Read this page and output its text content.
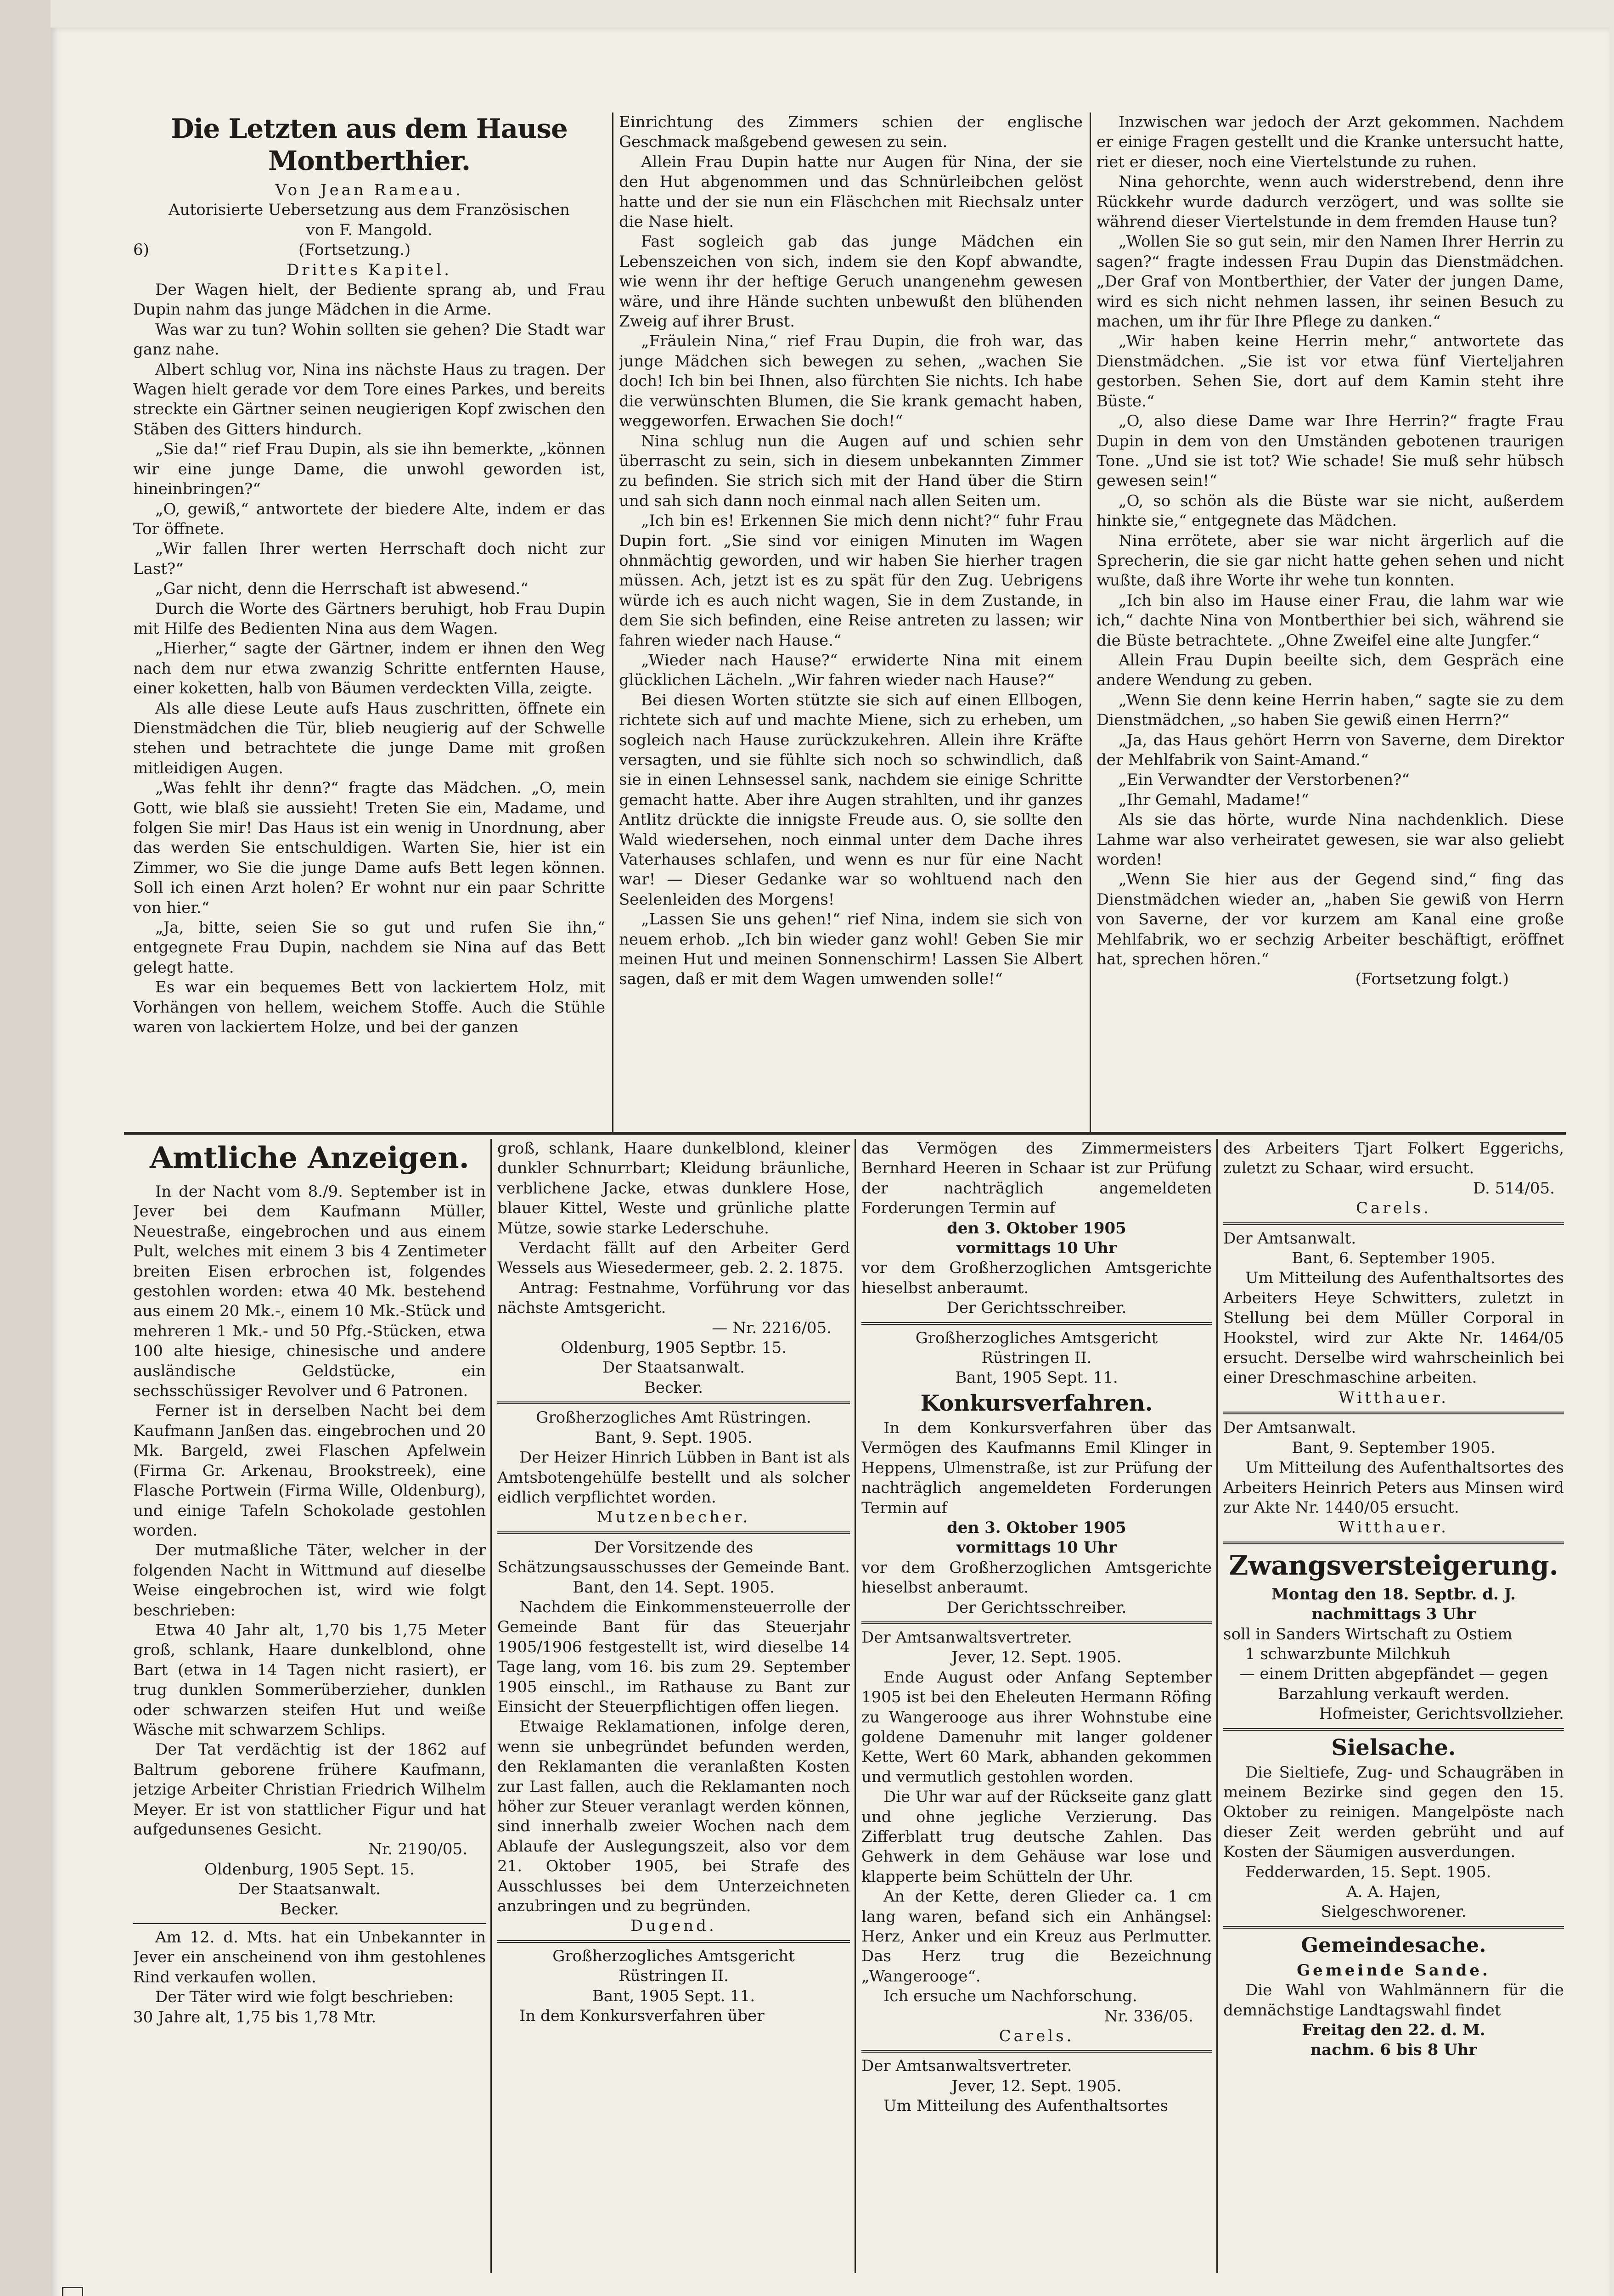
Die Letzten aus dem Hause Montberthier.

Von Jean Rameau.

Autorisierte Uebersetzung aus dem Französischen

von F. Mangold.

6)	(Fortsetzung.)

Drittes Kapitel.

Der Wagen hielt, der Bediente sprang ab, und Frau Dupin nahm das junge Mädchen in die Arme.

Was war zu tun? Wohin sollten sie gehen? Die Stadt war ganz nahe.

Albert schlug vor, Nina ins nächste Haus zu tragen. Der Wagen hielt gerade vor dem Tore eines Parkes, und bereits streckte ein Gärtner seinen neugierigen Kopf zwischen den Stäben des Gitters hindurch.

„Sie da!“ rief Frau Dupin, als sie ihn bemerkte, „können wir eine junge Dame, die unwohl geworden ist, hineinbringen?“

„O, gewiß,“ antwortete der biedere Alte, indem er das Tor öffnete.

„Wir fallen Ihrer werten Herrschaft doch nicht zur Last?“

„Gar nicht, denn die Herrschaft ist abwesend.“

Durch die Worte des Gärtners beruhigt, hob Frau Dupin mit Hilfe des Bedienten Nina aus dem Wagen.

„Hierher,“ sagte der Gärtner, indem er ihnen den Weg nach dem nur etwa zwanzig Schritte entfernten Hause, einer koketten, halb von Bäumen verdeckten Villa, zeigte.

Als alle diese Leute aufs Haus zuschritten, öffnete ein Dienstmädchen die Tür, blieb neugierig auf der Schwelle stehen und betrachtete die junge Dame mit großen mitleidigen Augen.

„Was fehlt ihr denn?“ fragte das Mädchen. „O, mein Gott, wie blaß sie aussieht! Treten Sie ein, Madame, und folgen Sie mir! Das Haus ist ein wenig in Unordnung, aber das werden Sie entschuldigen. Warten Sie, hier ist ein Zimmer, wo Sie die junge Dame aufs Bett legen können. Soll ich einen Arzt holen? Er wohnt nur ein paar Schritte von hier.“

„Ja, bitte, seien Sie so gut und rufen Sie ihn,“ entgegnete Frau Dupin, nachdem sie Nina auf das Bett gelegt hatte.

Es war ein bequemes Bett von lackiertem Holz, mit Vorhängen von hellem, weichem Stoffe. Auch die Stühle waren von lackiertem Holze, und bei der ganzen

Einrichtung des Zimmers schien der englische Geschmack maßgebend gewesen zu sein.

Allein Frau Dupin hatte nur Augen für Nina, der sie den Hut abgenommen und das Schnürleibchen gelöst hatte und der sie nun ein Fläschchen mit Riechsalz unter die Nase hielt.

Fast sogleich gab das junge Mädchen ein Lebenszeichen von sich, indem sie den Kopf abwandte, wie wenn ihr der heftige Geruch unangenehm gewesen wäre, und ihre Hände suchten unbewußt den blühenden Zweig auf ihrer Brust.

„Fräulein Nina,“ rief Frau Dupin, die froh war, das junge Mädchen sich bewegen zu sehen, „wachen Sie doch! Ich bin bei Ihnen, also fürchten Sie nichts. Ich habe die verwünschten Blumen, die Sie krank gemacht haben, weggeworfen. Erwachen Sie doch!“

Nina schlug nun die Augen auf und schien sehr überrascht zu sein, sich in diesem unbekannten Zimmer zu befinden. Sie strich sich mit der Hand über die Stirn und sah sich dann noch einmal nach allen Seiten um.

„Ich bin es! Erkennen Sie mich denn nicht?“ fuhr Frau Dupin fort. „Sie sind vor einigen Minuten im Wagen ohnmächtig geworden, und wir haben Sie hierher tragen müssen. Ach, jetzt ist es zu spät für den Zug. Uebrigens würde ich es auch nicht wagen, Sie in dem Zustande, in dem Sie sich befinden, eine Reise antreten zu lassen; wir fahren wieder nach Hause.“

„Wieder nach Hause?“ erwiderte Nina mit einem glücklichen Lächeln. „Wir fahren wieder nach Hause?“

Bei diesen Worten stützte sie sich auf einen Ellbogen, richtete sich auf und machte Miene, sich zu erheben, um sogleich nach Hause zurückzukehren. Allein ihre Kräfte versagten, und sie fühlte sich noch so schwindlich, daß sie in einen Lehnsessel sank, nachdem sie einige Schritte gemacht hatte. Aber ihre Augen strahlten, und ihr ganzes Antlitz drückte die innigste Freude aus. O, sie sollte den Wald wiedersehen, noch einmal unter dem Dache ihres Vaterhauses schlafen, und wenn es nur für eine Nacht war! — Dieser Gedanke war so wohltuend nach den Seelenleiden des Morgens!

„Lassen Sie uns gehen!“ rief Nina, indem sie sich von neuem erhob. „Ich bin wieder ganz wohl! Geben Sie mir meinen Hut und meinen Sonnenschirm! Lassen Sie Albert sagen, daß er mit dem Wagen umwenden solle!“

Inzwischen war jedoch der Arzt gekommen. Nachdem er einige Fragen gestellt und die Kranke untersucht hatte, riet er dieser, noch eine Viertelstunde zu ruhen.

Nina gehorchte, wenn auch widerstrebend, denn ihre Rückkehr wurde dadurch verzögert, und was sollte sie während dieser Viertelstunde in dem fremden Hause tun?

„Wollen Sie so gut sein, mir den Namen Ihrer Herrin zu sagen?“ fragte indessen Frau Dupin das Dienstmädchen. „Der Graf von Montberthier, der Vater der jungen Dame, wird es sich nicht nehmen lassen, ihr seinen Besuch zu machen, um ihr für Ihre Pflege zu danken.“

„Wir haben keine Herrin mehr,“ antwortete das Dienstmädchen. „Sie ist vor etwa fünf Vierteljahren gestorben. Sehen Sie, dort auf dem Kamin steht ihre Büste.“

„O, also diese Dame war Ihre Herrin?“ fragte Frau Dupin in dem von den Umständen gebotenen traurigen Tone. „Und sie ist tot? Wie schade! Sie muß sehr hübsch gewesen sein!“

„O, so schön als die Büste war sie nicht, außerdem hinkte sie,“ entgegnete das Mädchen.

Nina errötete, aber sie war nicht ärgerlich auf die Sprecherin, die sie gar nicht hatte gehen sehen und nicht wußte, daß ihre Worte ihr wehe tun konnten.

„Ich bin also im Hause einer Frau, die lahm war wie ich,“ dachte Nina von Montberthier bei sich, während sie die Büste betrachtete. „Ohne Zweifel eine alte Jungfer.“

Allein Frau Dupin beeilte sich, dem Gespräch eine andere Wendung zu geben.

„Wenn Sie denn keine Herrin haben,“ sagte sie zu dem Dienstmädchen, „so haben Sie gewiß einen Herrn?“

„Ja, das Haus gehört Herrn von Saverne, dem Direktor der Mehlfabrik von Saint-Amand.“

„Ein Verwandter der Verstorbenen?“

„Ihr Gemahl, Madame!“

Als sie das hörte, wurde Nina nachdenklich. Diese Lahme war also verheiratet gewesen, sie war also geliebt worden!

„Wenn Sie hier aus der Gegend sind,“ fing das Dienstmädchen wieder an, „haben Sie gewiß von Herrn von Saverne, der vor kurzem am Kanal eine große Mehlfabrik, wo er sechzig Arbeiter beschäftigt, eröffnet hat, sprechen hören.“

(Fortsetzung folgt.)

Amtliche Anzeigen.

In der Nacht vom 8./9. September ist in Jever bei dem Kaufmann Müller, Neuestraße, eingebrochen und aus einem Pult, welches mit einem 3 bis 4 Zentimeter breiten Eisen erbrochen ist, folgendes gestohlen worden: etwa 40 Mk. bestehend aus einem 20 Mk.-, einem 10 Mk.-Stück und mehreren 1 Mk.- und 50 Pfg.-Stücken, etwa 100 alte hiesige, chinesische und andere ausländische Geldstücke, ein sechsschüssiger Revolver und 6 Patronen.

Ferner ist in derselben Nacht bei dem Kaufmann Janßen das. eingebrochen und 20 Mk. Bargeld, zwei Flaschen Apfelwein (Firma Gr. Arkenau, Brookstreek), eine Flasche Portwein (Firma Wille, Oldenburg), und einige Tafeln Schokolade gestohlen worden.

Der mutmaßliche Täter, welcher in der folgenden Nacht in Wittmund auf dieselbe Weise eingebrochen ist, wird wie folgt beschrieben:

Etwa 40 Jahr alt, 1,70 bis 1,75 Meter groß, schlank, Haare dunkelblond, ohne Bart (etwa in 14 Tagen nicht rasiert), er trug dunklen Sommerüberzieher, dunklen oder schwarzen steifen Hut und weiße Wäsche mit schwarzem Schlips.

Der Tat verdächtig ist der 1862 auf Baltrum geborene frühere Kaufmann, jetzige Arbeiter Christian Friedrich Wilhelm Meyer. Er ist von stattlicher Figur und hat aufgedunsenes Gesicht.

Nr. 2190/05.

Oldenburg, 1905 Sept. 15.

Der Staatsanwalt.

Becker.

Am 12. d. Mts. hat ein Unbekannter in Jever ein anscheinend von ihm gestohlenes Rind verkaufen wollen.

Der Täter wird wie folgt beschrieben:

30 Jahre alt, 1,75 bis 1,78 Mtr.

groß, schlank, Haare dunkelblond, kleiner dunkler Schnurrbart; Kleidung bräunliche, verblichene Jacke, etwas dunklere Hose, blauer Kittel, Weste und grünliche platte Mütze, sowie starke Lederschuhe.

Verdacht fällt auf den Arbeiter Gerd Wessels aus Wiesedermeer, geb. 2. 2. 1875.

Antrag: Festnahme, Vorführung vor das nächste Amtsgericht.

— Nr. 2216/05.

Oldenburg, 1905 Septbr. 15.

Der Staatsanwalt.

Becker.

Großherzogliches Amt Rüstringen.

Bant, 9. Sept. 1905.

Der Heizer Hinrich Lübben in Bant ist als Amtsbotengehülfe bestellt und als solcher eidlich verpflichtet worden.

Mutzenbecher.

Der Vorsitzende des Schätzungsausschusses der Gemeinde Bant.

Bant, den 14. Sept. 1905.

Nachdem die Einkommensteuerrolle der Gemeinde Bant für das Steuerjahr 1905/1906 festgestellt ist, wird dieselbe 14 Tage lang, vom 16. bis zum 29. September 1905 einschl., im Rathause zu Bant zur Einsicht der Steuerpflichtigen offen liegen.

Etwaige Reklamationen, infolge deren, wenn sie unbegründet befunden werden, den Reklamanten die veranlaßten Kosten zur Last fallen, auch die Reklamanten noch höher zur Steuer veranlagt werden können, sind innerhalb zweier Wochen nach dem Ablaufe der Auslegungszeit, also vor dem 21. Oktober 1905, bei Strafe des Ausschlusses bei dem Unterzeichneten anzubringen und zu begründen.

Dugend.

Großherzogliches Amtsgericht

Rüstringen II.

Bant, 1905 Sept. 11.

In dem Konkursverfahren über

das Vermögen des Zimmermeisters Bernhard Heeren in Schaar ist zur Prüfung der nachträglich angemeldeten Forderungen Termin auf

den 3. Oktober 1905

vormittags 10 Uhr

vor dem Großherzoglichen Amtsgerichte hieselbst anberaumt.

Der Gerichtsschreiber.

Großherzogliches Amtsgericht

Rüstringen II.

Bant, 1905 Sept. 11.

Konkursverfahren.

In dem Konkursverfahren über das Vermögen des Kaufmanns Emil Klinger in Heppens, Ulmenstraße, ist zur Prüfung der nachträglich angemeldeten Forderungen Termin auf

den 3. Oktober 1905

vormittags 10 Uhr

vor dem Großherzoglichen Amtsgerichte hieselbst anberaumt.

Der Gerichtsschreiber.

Der Amtsanwaltsvertreter.

Jever, 12. Sept. 1905.

Ende August oder Anfang September 1905 ist bei den Eheleuten Hermann Röfing zu Wangerooge aus ihrer Wohnstube eine goldene Damenuhr mit langer goldener Kette, Wert 60 Mark, abhanden gekommen und vermutlich gestohlen worden.

Die Uhr war auf der Rückseite ganz glatt und ohne jegliche Verzierung. Das Zifferblatt trug deutsche Zahlen. Das Gehwerk in dem Gehäuse war lose und klapperte beim Schütteln der Uhr.

An der Kette, deren Glieder ca. 1 cm lang waren, befand sich ein Anhängsel: Herz, Anker und ein Kreuz aus Perlmutter. Das Herz trug die Bezeichnung „Wangerooge“.

Ich ersuche um Nachforschung.

Nr. 336/05.

Carels.

Der Amtsanwaltsvertreter.

Jever, 12. Sept. 1905.

Um Mitteilung des Aufenthaltsortes

des Arbeiters Tjart Folkert Eggerichs, zuletzt zu Schaar, wird ersucht.

D. 514/05.

Carels.

Der Amtsanwalt.

Bant, 6. September 1905.

Um Mitteilung des Aufenthaltsortes des Arbeiters Heye Schwitters, zuletzt in Stellung bei dem Müller Corporal in Hookstel, wird zur Akte Nr. 1464/05 ersucht. Derselbe wird wahrscheinlich bei einer Dreschmaschine arbeiten.

Witthauer.

Der Amtsanwalt.

Bant, 9. September 1905.

Um Mitteilung des Aufenthaltsortes des Arbeiters Heinrich Peters aus Minsen wird zur Akte Nr. 1440/05 ersucht.

Witthauer.

Zwangsversteigerung.

Montag den 18. Septbr. d. J.

nachmittags 3 Uhr

soll in Sanders Wirtschaft zu Ostiem

1 schwarzbunte Milchkuh

— einem Dritten abgepfändet — gegen Barzahlung verkauft werden.

Hofmeister, Gerichtsvollzieher.

Sielsache.

Die Sieltiefe, Zug- und Schaugräben in meinem Bezirke sind gegen den 15. Oktober zu reinigen. Mangelpöste nach dieser Zeit werden gebrüht und auf Kosten der Säumigen ausverdungen.

Fedderwarden, 15. Sept. 1905.

A. A. Hajen,

Sielgeschworener.

Gemeindesache.

Gemeinde Sande.

Die Wahl von Wahlmännern für die demnächstige Landtagswahl findet

Freitag den 22. d. M.

nachm. 6 bis 8 Uhr
